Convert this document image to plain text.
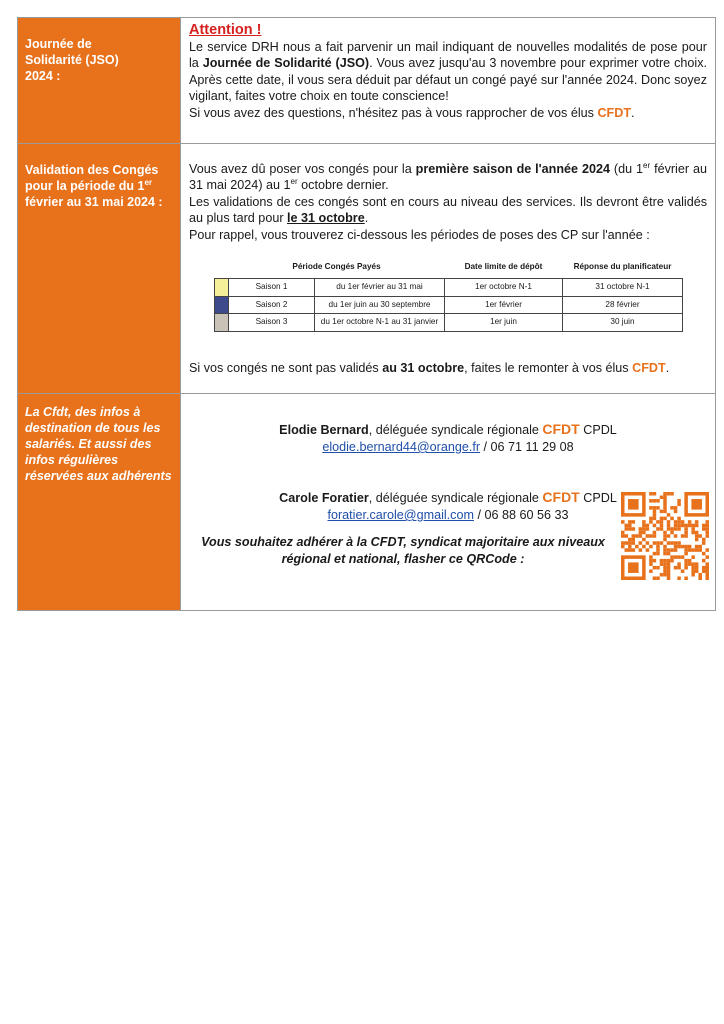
Journée de
Solidarité (JSO)
2024 :

Attention !
Le service DRH nous a fait parvenir un mail indiquant de nouvelles modalités de pose pour la Journée de Solidarité (JSO). Vous avez jusqu'au 3 novembre pour exprimer votre choix. Après cette date, il vous sera déduit par défaut un congé payé sur l'année 2024. Donc soyez vigilant, faites votre choix en toute conscience!
Si vous avez des questions, n'hésitez pas à vous rapprocher de vos élus CFDT.

Validation des Congés pour la période du 1er février au 31 mai 2024 :

Vous avez dû poser vos congés pour la première saison de l'année 2024 (du 1er février au 31 mai 2024) au 1er octobre dernier.
Les validations de ces congés sont en cours au niveau des services. Ils devront être validés au plus tard pour le 31 octobre.
Pour rappel, vous trouverez ci-dessous les périodes de poses des CP sur l'année :
	Période Congés Payés	Date limite de dépôt	Réponse du planificateur
	Saison 1	du 1er février au 31 mai	1er octobre N-1	31 octobre N-1
	Saison 2	du 1er juin au 30 septembre	1er février	28 février
	Saison 3	du 1er octobre N-1 au 31 janvier	1er juin	30 juin
Si vos congés ne sont pas validés au 31 octobre, faites le remonter à vos élus CFDT.

La Cfdt, des infos à destination de tous les salariés. Et aussi des infos régulières réservées aux adhérents

Elodie Bernard, déléguée syndicale régionale CFDT CPDL
elodie.bernard44@orange.fr / 06 71 11 29 08
Carole Foratier, déléguée syndicale régionale CFDT CPDL
foratier.carole@gmail.com / 06 88 60 56 33
Vous souhaitez adhérer à la CFDT, syndicat majoritaire aux niveaux
régional et national, flasher ce QRCode :
